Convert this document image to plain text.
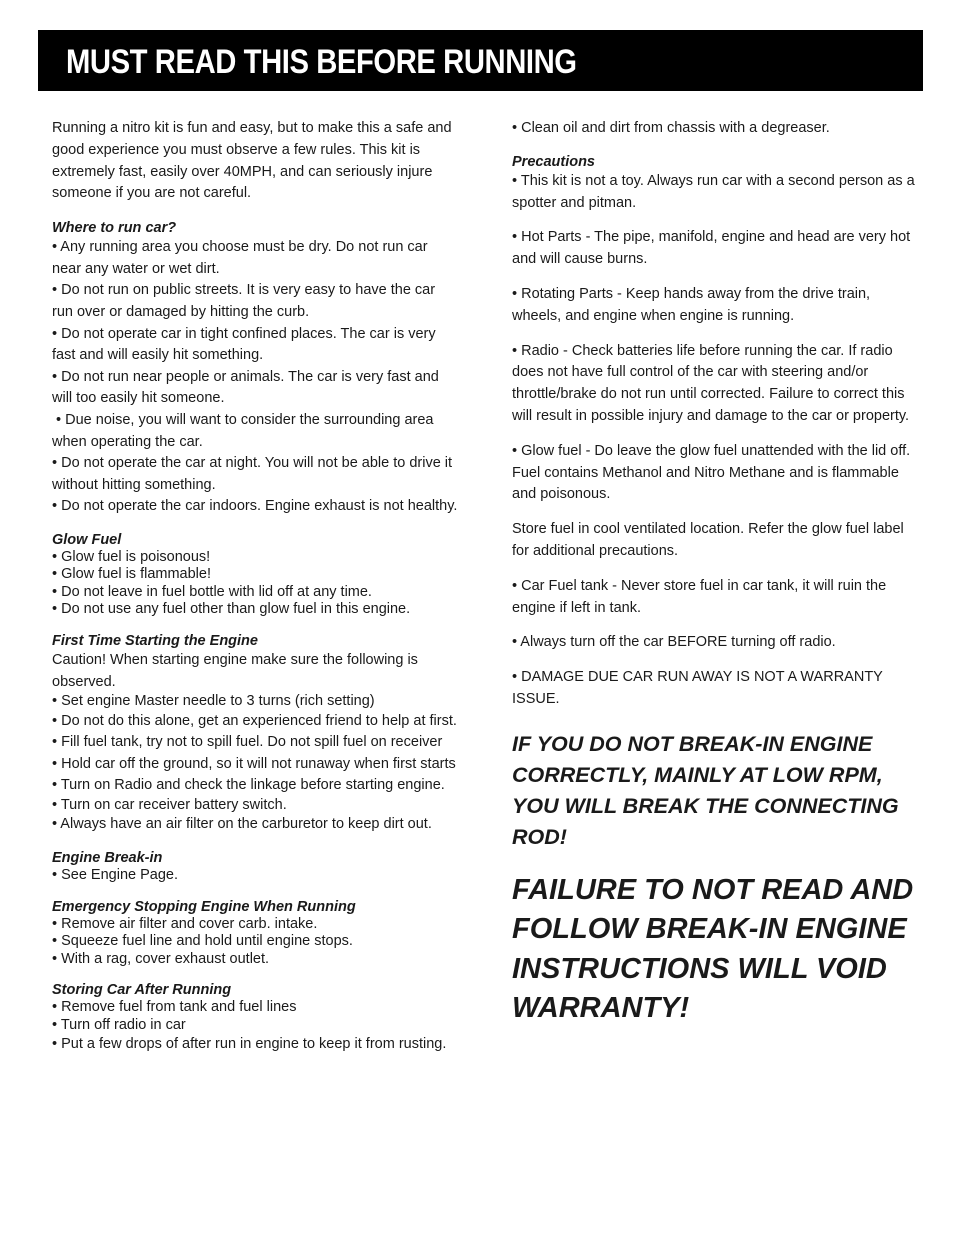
MUST READ THIS BEFORE RUNNING

Running a nitro kit is fun and easy, but to make this a safe and good experience you must observe a few rules. This kit is extremely fast, easily over 40MPH, and can seriously injure someone if you are not careful.

Where to run car?
• Any running area you choose must be dry. Do not run car near any water or wet dirt.
• Do not run on public streets. It is very easy to have the car run over or damaged by hitting the curb.
• Do not operate car in tight confined places. The car is very fast and will easily hit something.
• Do not run near people or animals. The car is very fast and will too easily hit someone.
• Due noise, you will want to consider the surrounding area when operating the car.
• Do not operate the car at night. You will not be able to drive it without hitting something.
• Do not operate the car indoors. Engine exhaust is not healthy.
Glow Fuel
• Glow fuel is poisonous!
• Glow fuel is flammable!
• Do not leave in fuel bottle with lid off at any time.
• Do not use any fuel other than glow fuel in this engine.
First Time Starting the Engine
Caution! When starting engine make sure the following is observed.
• Set engine Master needle to 3 turns (rich setting)
• Do not do this alone, get an experienced friend to help at first.
• Fill fuel tank, try not to spill fuel. Do not spill fuel on receiver
• Hold car off the ground, so it will not runaway when first starts
• Turn on Radio and check the linkage before starting engine.
• Turn on car receiver battery switch.
• Always have an air filter on the carburetor to keep dirt out.
Engine Break-in
• See Engine Page.
Emergency Stopping Engine When Running
• Remove air filter and cover carb. intake.
• Squeeze fuel line and hold until engine stops.
• With a rag, cover exhaust outlet.
Storing Car After Running
• Remove fuel from tank and fuel lines
• Turn off radio in car
• Put a few drops of after run in engine to keep it from rusting.

• Clean oil and dirt from chassis with a degreaser.

Precautions

• This kit is not a toy. Always run car with a second person as a spotter and pitman.

• Hot Parts - The pipe, manifold, engine and head are very hot and will cause burns.

• Rotating Parts - Keep hands away from the drive train, wheels, and engine when engine is running.

• Radio - Check batteries life before running the car. If radio does not have full control of the car with steering and/or throttle/brake do not run until corrected. Failure to correct this will result in possible injury and damage to the car or property.

• Glow fuel - Do leave the glow fuel unattended with the lid off. Fuel contains Methanol and Nitro Methane and is flammable and poisonous.

Store fuel in cool ventilated location. Refer the glow fuel label for additional precautions.

• Car Fuel tank - Never store fuel in car tank, it will ruin the engine if left in tank.

• Always turn off the car BEFORE turning off radio.

• DAMAGE DUE CAR RUN AWAY IS NOT A WARRANTY ISSUE.

IF YOU DO NOT BREAK-IN ENGINE CORRECTLY, MAINLY AT LOW RPM, YOU WILL BREAK THE CONNECTING ROD!
FAILURE TO NOT READ AND FOLLOW BREAK-IN ENGINE INSTRUCTIONS WILL VOID WARRANTY!
